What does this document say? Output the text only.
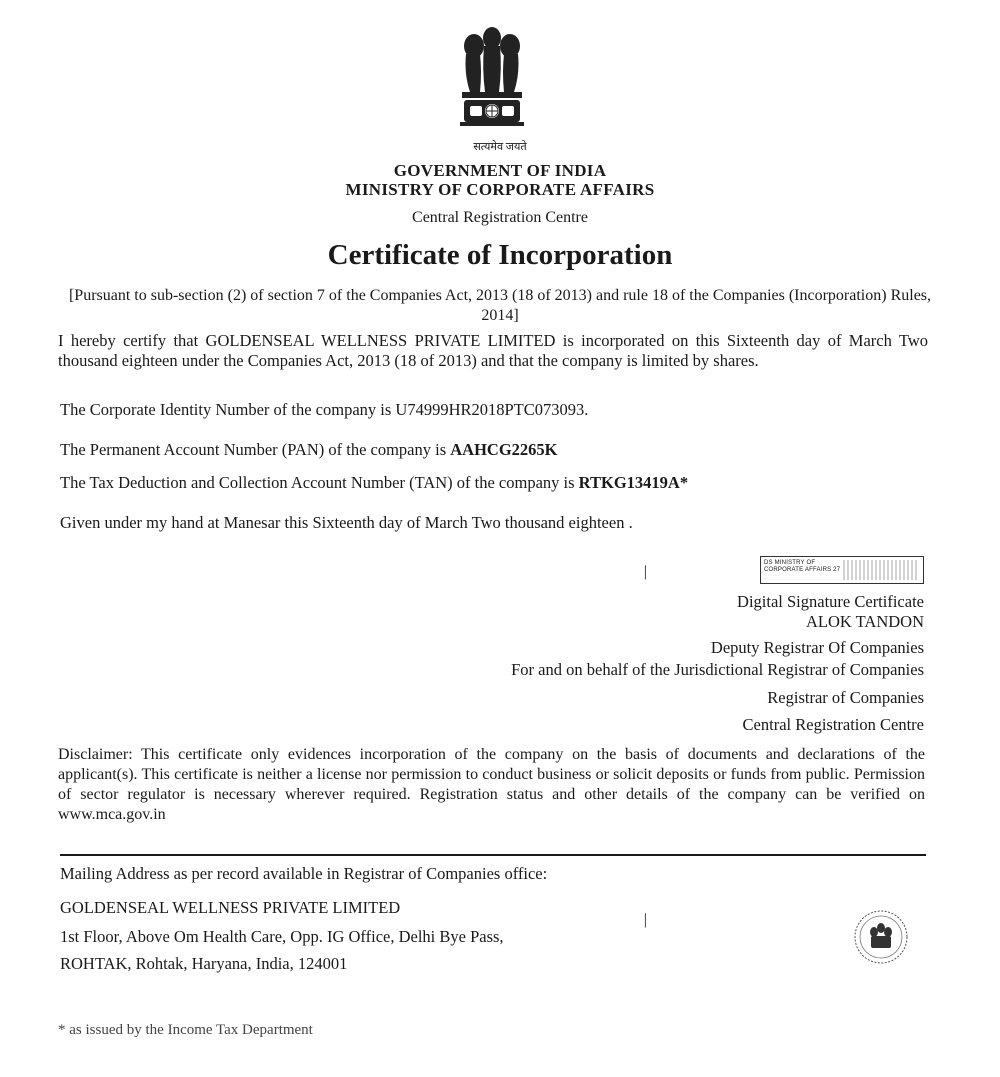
सत्यमेव जयते
GOVERNMENT OF INDIA
MINISTRY OF CORPORATE AFFAIRS
Central Registration Centre
Certificate of Incorporation
[Pursuant to sub-section (2) of section 7 of the Companies Act, 2013 (18 of 2013) and rule 18 of the Companies (Incorporation) Rules, 2014]
I hereby certify that GOLDENSEAL WELLNESS PRIVATE LIMITED is incorporated on this Sixteenth day of March Two thousand eighteen under the Companies Act, 2013 (18 of 2013) and that the company is limited by shares.
The Corporate Identity Number of the company is U74999HR2018PTC073093.
The Permanent Account Number (PAN) of the company is AAHCG2265K
The Tax Deduction and Collection Account Number (TAN) of the company is RTKG13419A*
Given under my hand at Manesar this Sixteenth day of March Two thousand eighteen .
DS MINISTRY OF
CORPORATE AFFAIRS 27
׀
Digital Signature Certificate
ALOK TANDON
Deputy Registrar Of Companies
For and on behalf of the Jurisdictional Registrar of Companies
Registrar of Companies
Central Registration Centre
Disclaimer: This certificate only evidences incorporation of the company on the basis of documents and declarations of the applicant(s). This certificate is neither a license nor permission to conduct business or solicit deposits or funds from public. Permission of sector regulator is necessary wherever required. Registration status and other details of the company can be verified on www.mca.gov.in
Mailing Address as per record available in Registrar of Companies office:
GOLDENSEAL WELLNESS PRIVATE LIMITED
1st Floor, Above Om Health Care, Opp. IG Office, Delhi Bye Pass,
ROHTAK, Rohtak, Haryana, India, 124001
׀
* as issued by the Income Tax Department
